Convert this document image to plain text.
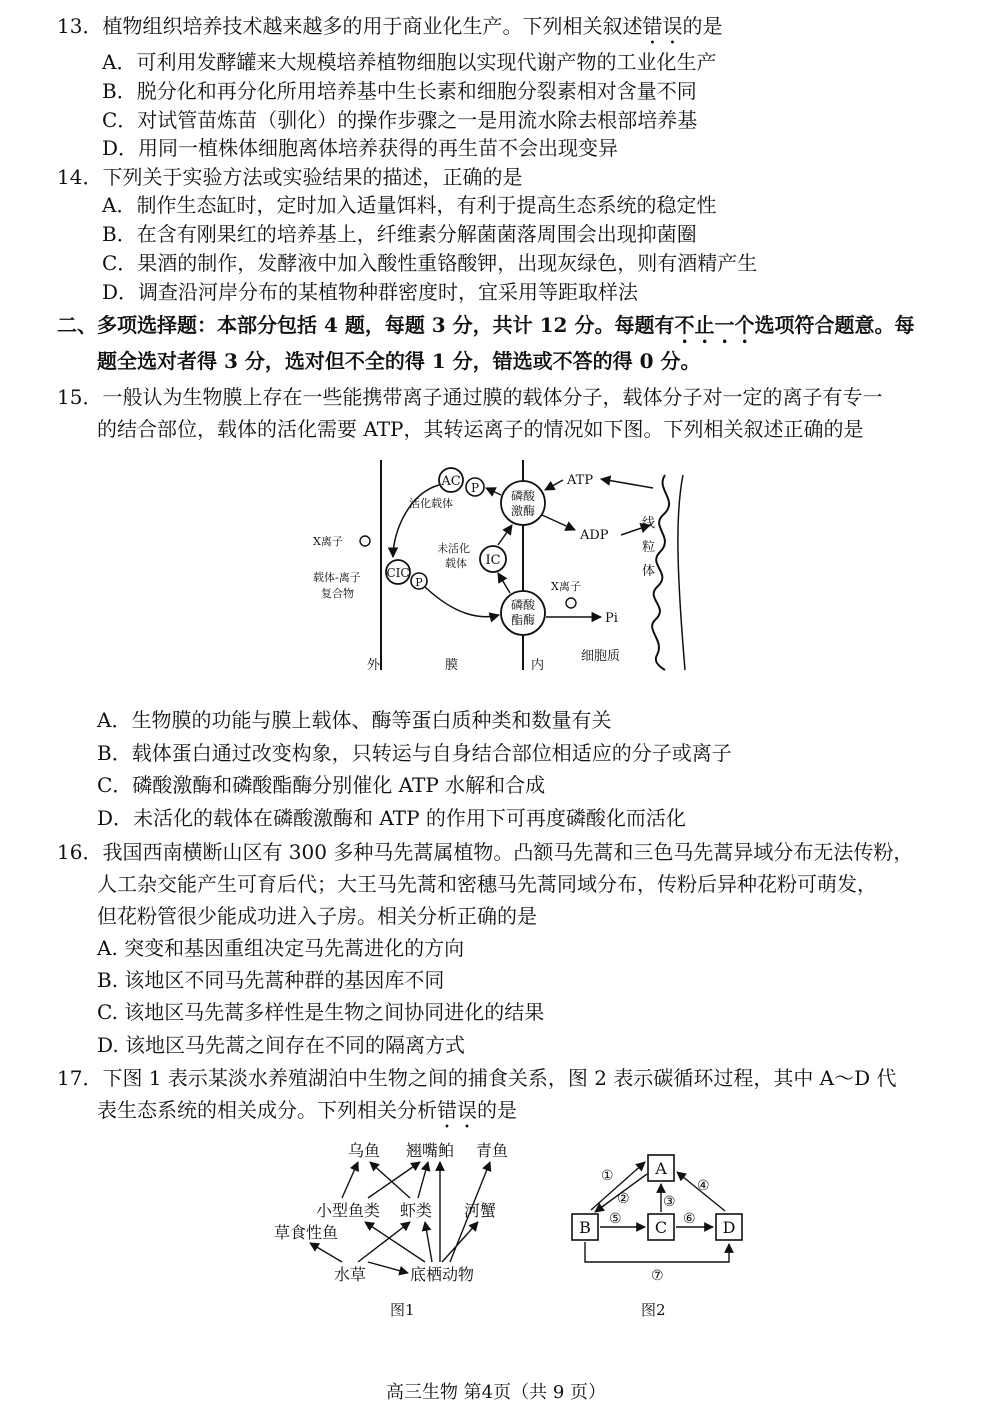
13．植物组织培养技术越来越多的用于商业化生产。下列相关叙述错误的是
A．可利用发酵罐来大规模培养植物细胞以实现代谢产物的工业化生产
B．脱分化和再分化所用培养基中生长素和细胞分裂素相对含量不同
C．对试管苗炼苗（驯化）的操作步骤之一是用流水除去根部培养基
D．用同一植株体细胞离体培养获得的再生苗不会出现变异
14．下列关于实验方法或实验结果的描述，正确的是
A．制作生态缸时，定时加入适量饵料，有利于提高生态系统的稳定性
B．在含有刚果红的培养基上，纤维素分解菌菌落周围会出现抑菌圈
C．果酒的制作，发酵液中加入酸性重铬酸钾，出现灰绿色，则有酒精产生
D．调查沿河岸分布的某植物种群密度时，宜采用等距取样法
二、多项选择题：本部分包括 4 题，每题 3 分，共计 12 分。每题有不止一个选项符合题意。每
题全选对者得 3 分，选对但不全的得 1 分，错选或不答的得 0 分。
15．一般认为生物膜上存在一些能携带离子通过膜的载体分子，载体分子对一定的离子有专一
的结合部位，载体的活化需要 ATP，其转运离子的情况如下图。下列相关叙述正确的是
AC P
活化载体
X离子
CIC
P
载体-离子
复合物
未活化
载体 IC
磷酸
激酶
磷酸
酯酶
X离子
ATP
ADP
Pi
线
粒
体
外	膜	内
细胞质
A．生物膜的功能与膜上载体、酶等蛋白质种类和数量有关
B．载体蛋白通过改变构象，只转运与自身结合部位相适应的分子或离子
C．磷酸激酶和磷酸酯酶分别催化 ATP 水解和合成
D．未活化的载体在磷酸激酶和 ATP 的作用下可再度磷酸化而活化
16．我国西南横断山区有 300 多种马先蒿属植物。凸额马先蒿和三色马先蒿异域分布无法传粉，
人工杂交能产生可育后代；大王马先蒿和密穗马先蒿同域分布，传粉后异种花粉可萌发，
但花粉管很少能成功进入子房。相关分析正确的是
A. 突变和基因重组决定马先蒿进化的方向
B. 该地区不同马先蒿种群的基因库不同
C. 该地区马先蒿多样性是生物之间协同进化的结果
D. 该地区马先蒿之间存在不同的隔离方式
17．下图 1 表示某淡水养殖湖泊中生物之间的捕食关系，图 2 表示碳循环过程，其中 A～D 代
表生态系统的相关成分。下列相关分析错误的是
乌鱼 翘嘴鲌 青鱼
小型鱼类 虾类 河蟹
草食性鱼
水草	底栖动物
图1
A
B	C	D
①
② ③
④
⑤	⑥
⑦
图2
高三生物 第4页（共 9 页）
